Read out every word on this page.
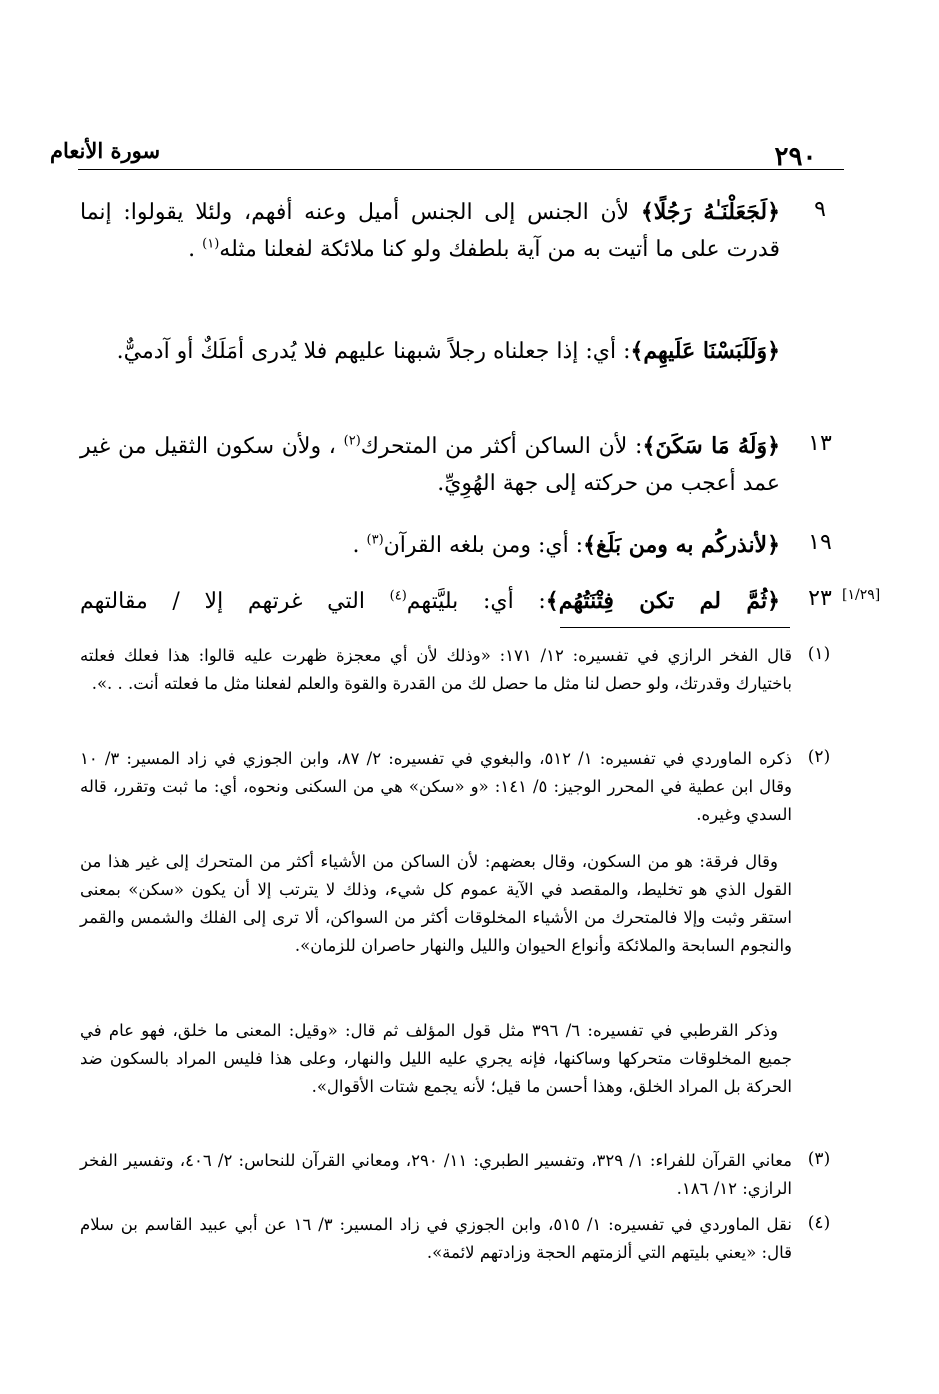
٢٩٠
سورة الأنعام
٩
﴿لَجَعَلْنَـٰهُ رَجُلًا﴾ لأن الجنس إلى الجنس أميل وعنه أفهم، ولئلا يقولوا: إنما قدرت على ما أتيت به من آية بلطفك ولو كنا ملائكة لفعلنا مثله$^{(١)}$ .
﴿وَلَلَبَسْنَا عَلَيهِم﴾: أي: إذا جعلناه رجلاً شبهنا عليهم فلا يُدرى أمَلَكٌ أو آدميٌّ.
١٣
﴿وَلَهُ مَا سَكَنَ﴾: لأن الساكن أكثر من المتحرك$^{(٢)}$ ، ولأن سكون الثقيل من غير عمد أعجب من حركته إلى جهة الهُوِيِّ.
١٩
﴿لأنذركُم به ومن بَلَغ﴾: أي: ومن بلغه القرآن$^{(٣)}$ .
[١/٢٩]
٢٣
﴿ثُمَّ لم تكن فِتْنَتُهُم﴾: أي: بليَّتهم$^{(٤)}$ التي غرتهم إلا / مقالتهم
(١)
قال الفخر الرازي في تفسيره: ١٢/ ١٧١: «وذلك لأن أي معجزة ظهرت عليه قالوا: هذا فعلك فعلته باختيارك وقدرتك، ولو حصل لنا مثل ما حصل لك من القدرة والقوة والعلم لفعلنا مثل ما فعلته أنت. . .».
(٢)
ذكره الماوردي في تفسيره: ١/ ٥١٢، والبغوي في تفسيره: ٢/ ٨٧، وابن الجوزي في زاد المسير: ٣/ ١٠ وقال ابن عطية في المحرر الوجيز: ٥/ ١٤١: «و «سكن» هي من السكنى ونحوه، أي: ما ثبت وتقرر، قاله السدي وغيره.
وقال فرقة: هو من السكون، وقال بعضهم: لأن الساكن من الأشياء أكثر من المتحرك إلى غير هذا من القول الذي هو تخليط، والمقصد في الآية عموم كل شيء، وذلك لا يترتب إلا أن يكون «سكن» بمعنى استقر وثبت وإلا فالمتحرك من الأشياء المخلوقات أكثر من السواكن، ألا ترى إلى الفلك والشمس والقمر والنجوم السابحة والملائكة وأنواع الحيوان والليل والنهار حاصران للزمان».
وذكر القرطبي في تفسيره: ٦/ ٣٩٦ مثل قول المؤلف ثم قال: «وقيل: المعنى ما خلق، فهو عام في جميع المخلوقات متحركها وساكنها، فإنه يجري عليه الليل والنهار، وعلى هذا فليس المراد بالسكون ضد الحركة بل المراد الخلق، وهذا أحسن ما قيل؛ لأنه يجمع شتات الأقوال».
(٣)
معاني القرآن للفراء: ١/ ٣٢٩، وتفسير الطبري: ١١/ ٢٩٠، ومعاني القرآن للنحاس: ٢/ ٤٠٦، وتفسير الفخر الرازي: ١٢/ ١٨٦.
(٤)
نقل الماوردي في تفسيره: ١/ ٥١٥، وابن الجوزي في زاد المسير: ٣/ ١٦ عن أبي عبيد القاسم بن سلام قال: «يعني بليتهم التي ألزمتهم الحجة وزادتهم لائمة».
